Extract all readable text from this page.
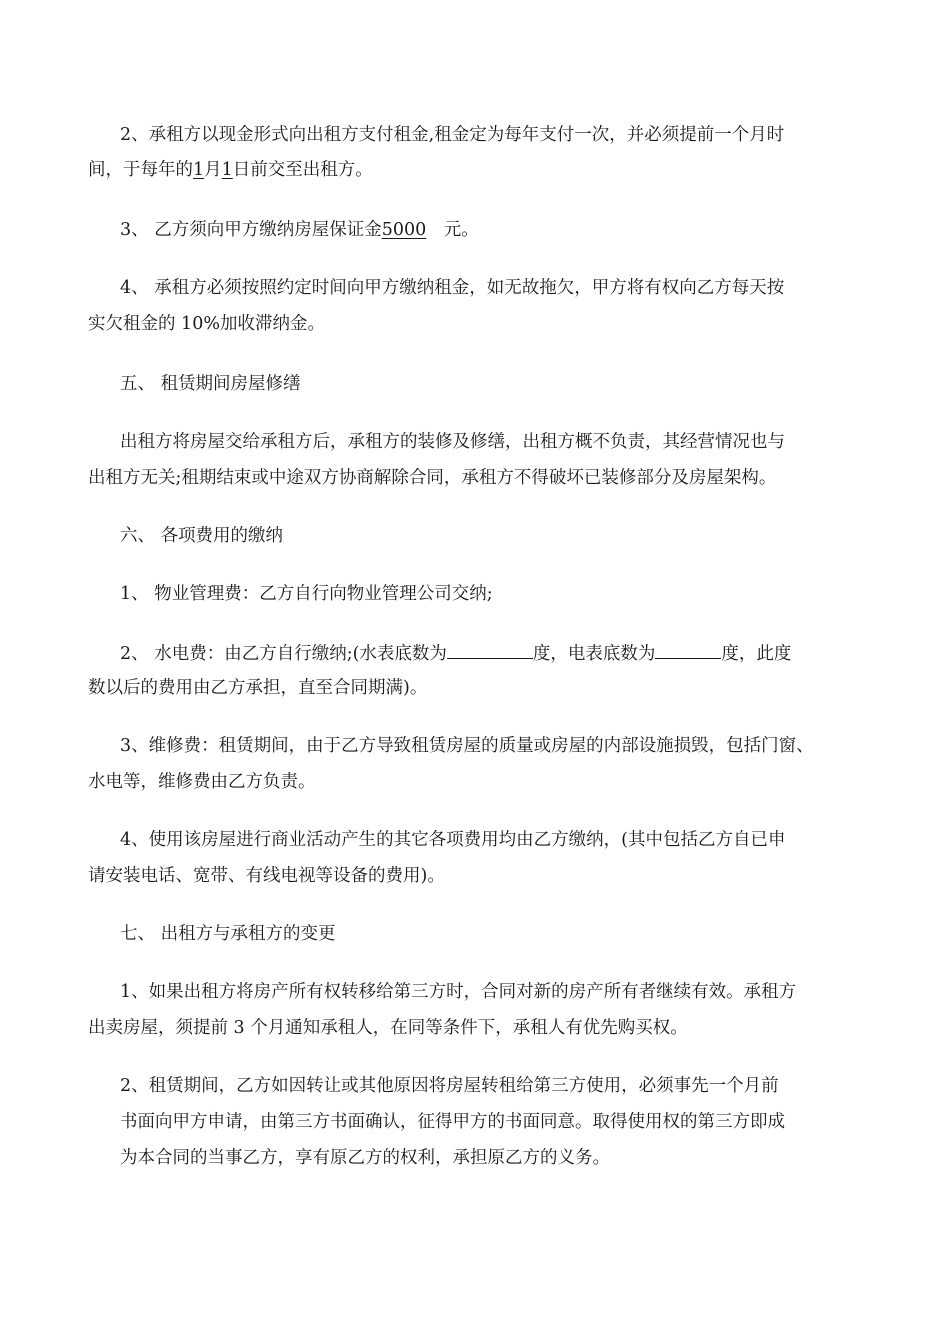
2、承租方以现金形式向出租方支付租金,租金定为每年支付一次，并必须提前一个月时
间，于每年的1月1日前交至出租方。
3、 乙方须向甲方缴纳房屋保证金5000 元。
4、 承租方必须按照约定时间向甲方缴纳租金，如无故拖欠，甲方将有权向乙方每天按
实欠租金的 10%加收滞纳金。
五、 租赁期间房屋修缮
出租方将房屋交给承租方后，承租方的装修及修缮，出租方概不负责，其经营情况也与
出租方无关;租期结束或中途双方协商解除合同，承租方不得破坏已装修部分及房屋架构。
六、 各项费用的缴纳
1、 物业管理费：乙方自行向物业管理公司交纳;
2、 水电费：由乙方自行缴纳;(水表底数为	度，电表底数为	度，此度
数以后的费用由乙方承担，直至合同期满)。
3、维修费：租赁期间，由于乙方导致租赁房屋的质量或房屋的内部设施损毁，包括门窗、
水电等，维修费由乙方负责。
4、使用该房屋进行商业活动产生的其它各项费用均由乙方缴纳，(其中包括乙方自已申
请安装电话、宽带、有线电视等设备的费用)。
七、 出租方与承租方的变更
1、如果出租方将房产所有权转移给第三方时，合同对新的房产所有者继续有效。承租方
出卖房屋，须提前 3 个月通知承租人，在同等条件下，承租人有优先购买权。
2、租赁期间，乙方如因转让或其他原因将房屋转租给第三方使用，必须事先一个月前
书面向甲方申请，由第三方书面确认，征得甲方的书面同意。取得使用权的第三方即成
为本合同的当事乙方，享有原乙方的权利，承担原乙方的义务。
